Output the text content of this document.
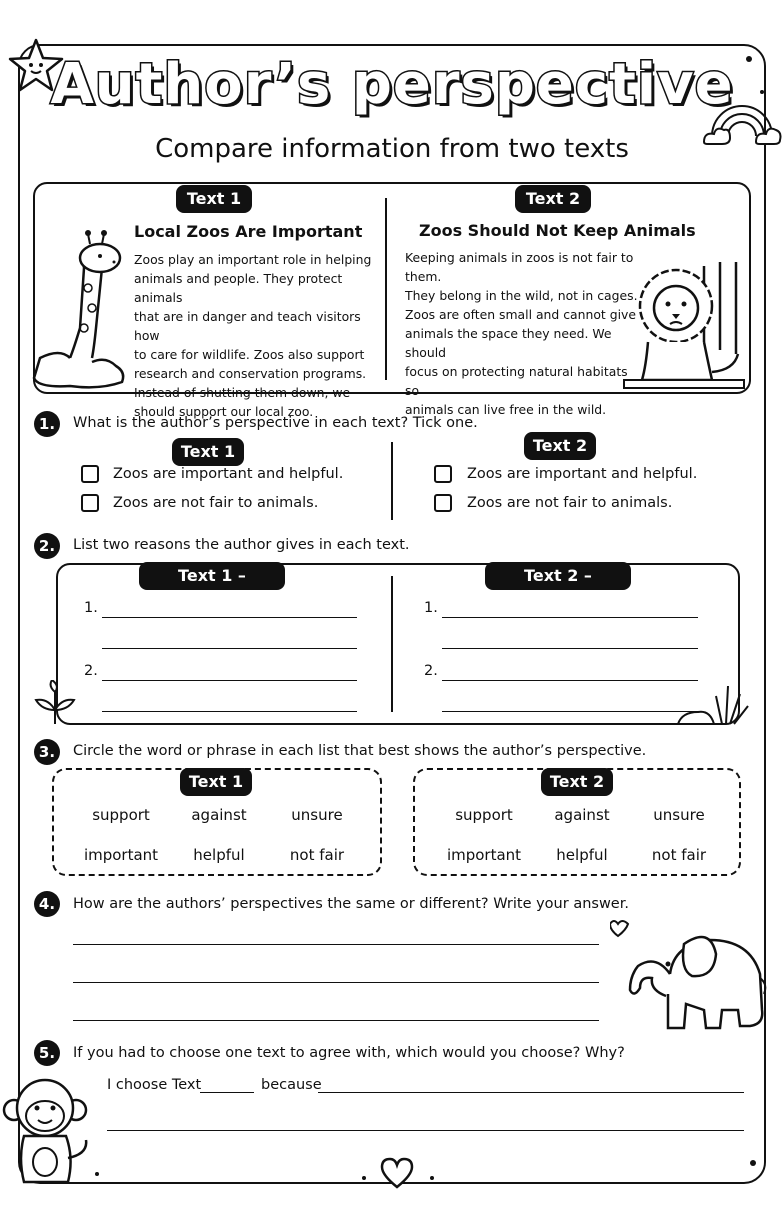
Author’s perspective
Compare information from two texts
Text 1	Text 2
Local Zoos Are Important	Zoos Should Not Keep Animals
Zoos play an important role in helping
animals and people. They protect animals
that are in danger and teach visitors how
to care for wildlife. Zoos also support
research and conservation programs.
Instead of shutting them down, we
should support our local zoo.
Keeping animals in zoos is not fair to them.
They belong in the wild, not in cages.
Zoos are often small and cannot give
animals the space they need. We should
focus on protecting natural habitats so
animals can live free in the wild.
1.	What is the author’s perspective in each text? Tick one.
Text 1	Text 2
Zoos are important and helpful.
Zoos are not fair to animals.
Zoos are important and helpful.
Zoos are not fair to animals.
2.	List two reasons the author gives in each text.
Text 1 – Reasons
Text 2 – Reasons
1.
2.
1.
2.
3.	Circle the word or phrase in each list that best shows the author’s perspective.
Text 1
support	against	unsure
important	helpful	not fair
Text 2
support	against	unsure
important	helpful	not fair
4.	How are the authors’ perspectives the same or different? Write your answer.
5.	If you had to choose one text to agree with, which would you choose? Why?
I choose Text	because
